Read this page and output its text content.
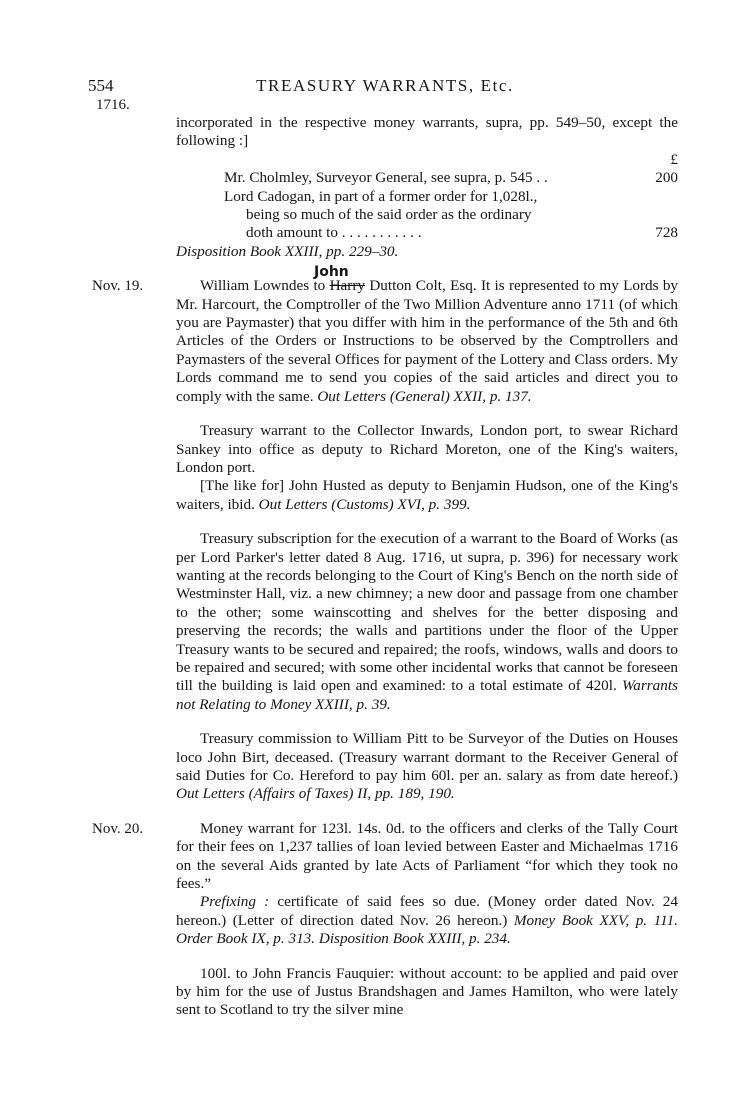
554	TREASURY WARRANTS, Etc.
1716.

incorporated in the respective money warrants, supra, pp. 549–50, except the following :]

£
Mr. Cholmley, Surveyor General, see supra, p. 545 . .	200
Lord Cadogan, in part of a former order for 1,028l.,
being so much of the said order as the ordinary
doth amount to . . . . . . . . . . .	728

Disposition Book XXIII, pp. 229–30.

Nov. 19.
John

William Lowndes to Harry Dutton Colt, Esq. It is represented to my Lords by Mr. Harcourt, the Comptroller of the Two Million Adventure anno 1711 (of which you are Paymaster) that you differ with him in the performance of the 5th and 6th Articles of the Orders or Instructions to be observed by the Comptrollers and Paymasters of the several Offices for payment of the Lottery and Class orders. My Lords command me to send you copies of the said articles and direct you to comply with the same. Out Letters (General) XXII, p. 137.

Treasury warrant to the Collector Inwards, London port, to swear Richard Sankey into office as deputy to Richard Moreton, one of the King's waiters, London port.

[The like for] John Husted as deputy to Benjamin Hudson, one of the King's waiters, ibid. Out Letters (Customs) XVI, p. 399.

Treasury subscription for the execution of a warrant to the Board of Works (as per Lord Parker's letter dated 8 Aug. 1716, ut supra, p. 396) for necessary work wanting at the records belonging to the Court of King's Bench on the north side of Westminster Hall, viz. a new chimney; a new door and passage from one chamber to the other; some wainscotting and shelves for the better disposing and preserving the records; the walls and partitions under the floor of the Upper Treasury wants to be secured and repaired; the roofs, windows, walls and doors to be repaired and secured; with some other incidental works that cannot be foreseen till the building is laid open and examined: to a total estimate of 420l. Warrants not Relating to Money XXIII, p. 39.

Treasury commission to William Pitt to be Surveyor of the Duties on Houses loco John Birt, deceased. (Treasury warrant dormant to the Receiver General of said Duties for Co. Hereford to pay him 60l. per an. salary as from date hereof.) Out Letters (Affairs of Taxes) II, pp. 189, 190.

Nov. 20.	Money warrant for 123l. 14s. 0d. to the officers and clerks of the Tally Court for their fees on 1,237 tallies of loan levied between Easter and Michaelmas 1716 on the several Aids granted by late Acts of Parliament “for which they took no fees.”

Prefixing : certificate of said fees so due. (Money order dated Nov. 24 hereon.) (Letter of direction dated Nov. 26 hereon.) Money Book XXV, p. 111. Order Book IX, p. 313. Disposition Book XXIII, p. 234.

100l. to John Francis Fauquier: without account: to be applied and paid over by him for the use of Justus Brandshagen and James Hamilton, who were lately sent to Scotland to try the silver mine
